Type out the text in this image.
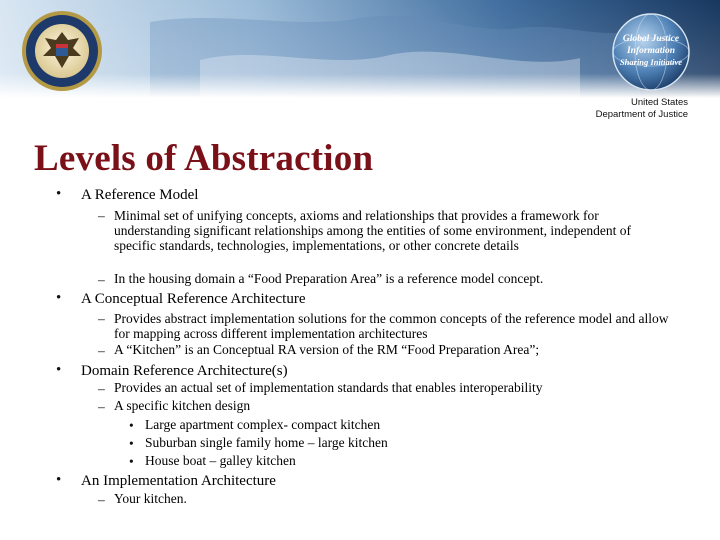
Global Justice
Information
Sharing Initiative
United States
Department of Justice
Levels of Abstraction
• A Reference Model
– Minimal set of unifying concepts, axioms and relationships that provides a framework for understanding significant relationships among the entities of some environment, independent of specific standards, technologies, implementations, or other concrete details
– In the housing domain a “Food Preparation Area” is a reference model concept.
• A Conceptual Reference Architecture
– Provides abstract implementation solutions for the common concepts of the reference model and allow for mapping across different implementation architectures
– A “Kitchen” is an Conceptual RA version of the RM “Food Preparation Area”;
• Domain Reference Architecture(s)
– Provides an actual set of implementation standards that enables interoperability
– A specific kitchen design
• Large apartment complex- compact kitchen
• Suburban single family home – large kitchen
• House boat – galley kitchen
• An Implementation Architecture
– Your kitchen.
